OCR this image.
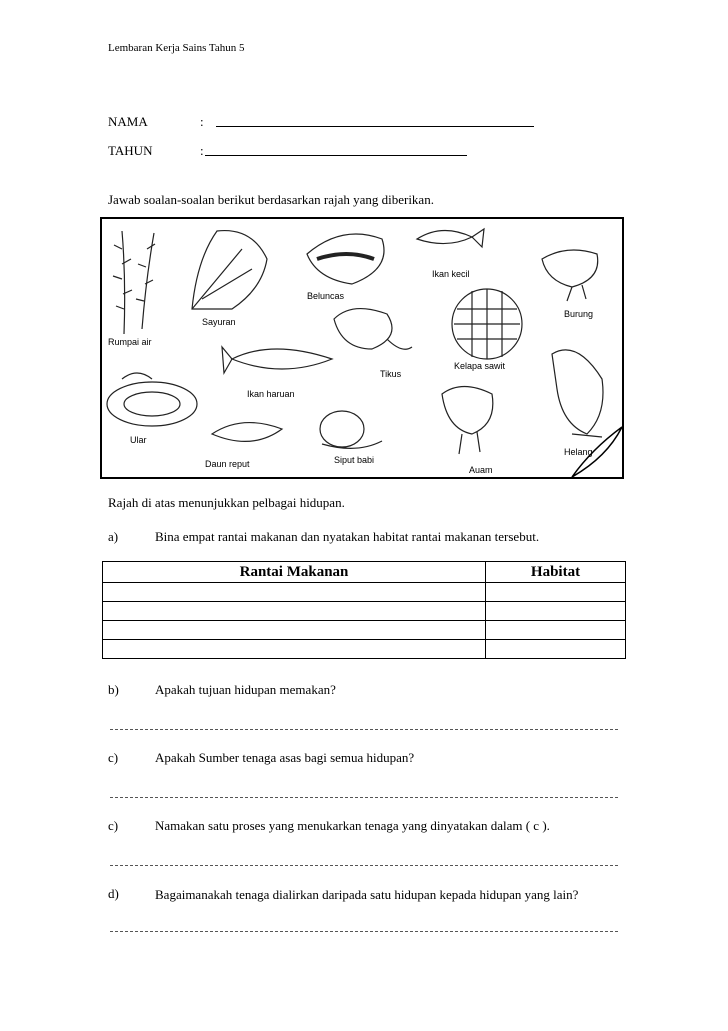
Lembaran Kerja Sains Tahun 5
NAMA	:
TAHUN	:
Jawab soalan-soalan berikut berdasarkan rajah yang diberikan.
Rumpai air
Sayuran
Beluncas
Ikan kecil
Burung
Tikus
Kelapa sawit
Ikan haruan
Ular
Daun reput	Siput babi
Auam
Helang
Rajah di atas menunjukkan pelbagai hidupan.
a)	Bina empat rantai makanan dan nyatakan habitat rantai makanan tersebut.
Rantai Makanan	Habitat

b)	Apakah tujuan hidupan memakan?
c)	Apakah Sumber tenaga asas bagi semua hidupan?
c)	Namakan satu proses yang menukarkan tenaga yang dinyatakan dalam ( c ).
d)	Bagaimanakah tenaga dialirkan daripada satu hidupan kepada hidupan yang lain?
